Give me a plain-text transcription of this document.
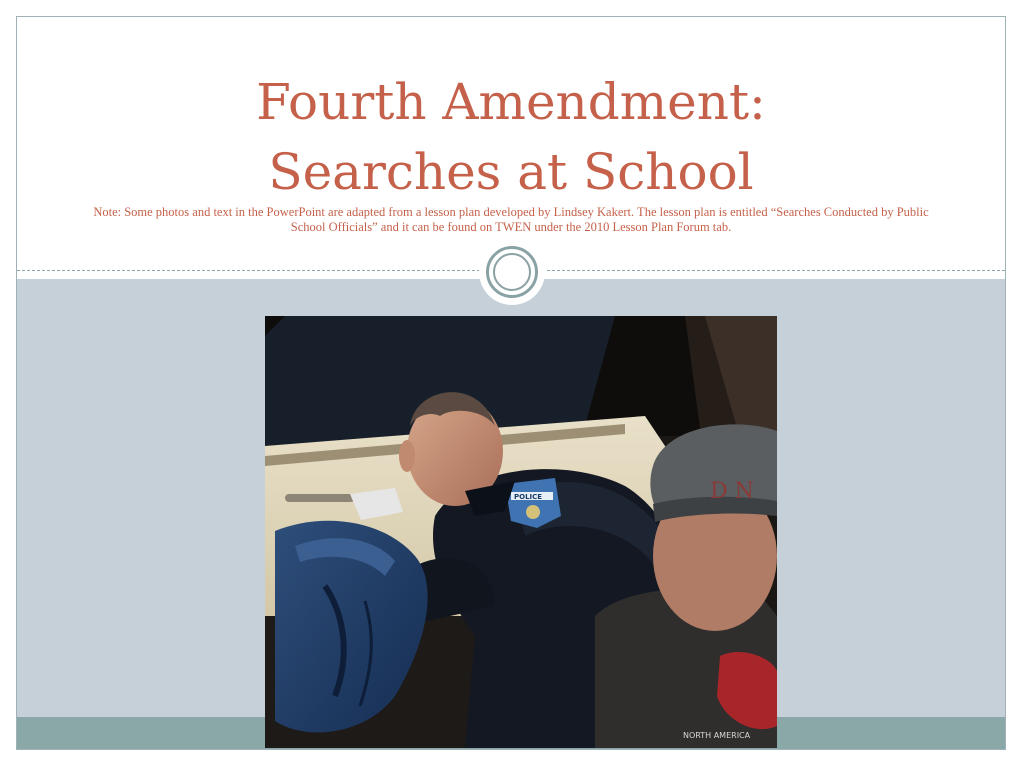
Fourth Amendment:
Searches at School

Note: Some photos and text in the PowerPoint are adapted from a lesson plan developed by Lindsey Kakert. The lesson plan is entitled “Searches Conducted by Public School Officials” and it can be found on TWEN under the 2010 Lesson Plan Forum tab.

D N
NORTH AMERICA
POLICE
